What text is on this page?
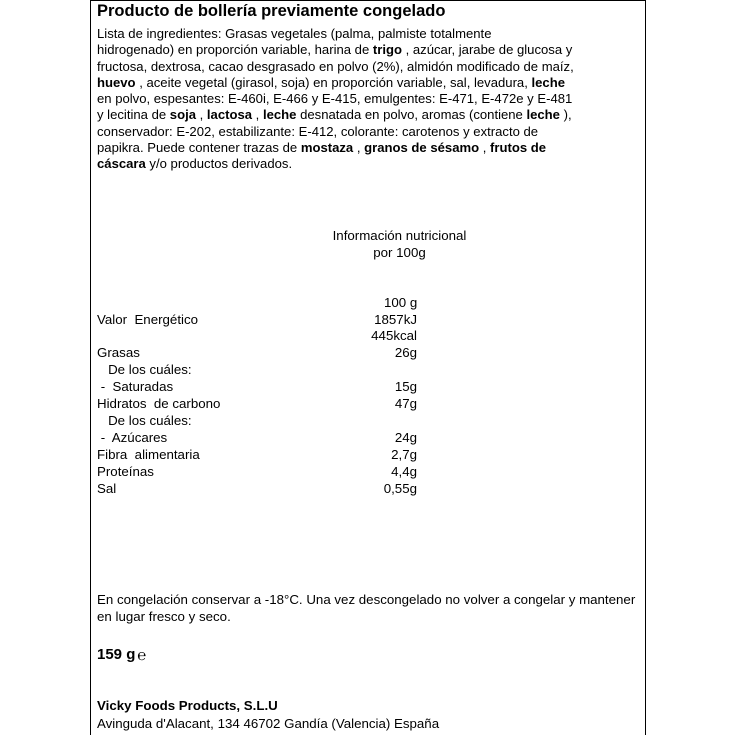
Producto de bollería previamente congelado
Lista de ingredientes: Grasas vegetales (palma, palmiste totalmente
hidrogenado) en proporción variable, harina de trigo , azúcar, jarabe de glucosa y
fructosa, dextrosa, cacao desgrasado en polvo (2%), almidón modificado de maíz,
huevo , aceite vegetal (girasol, soja) en proporción variable, sal, levadura, leche
en polvo, espesantes: E-460i, E-466 y E-415, emulgentes: E-471, E-472e y E-481
y lecitina de soja , lactosa , leche desnatada en polvo, aromas (contiene leche ),
conservador: E-202, estabilizante: E-412, colorante: carotenos y extracto de
papikra. Puede contener trazas de mostaza , granos de sésamo , frutos de
cáscara y/o productos derivados.
Información nutricional
por 100g
100 g
Valor  Energético	1857kJ
445kcal
Grasas	26g
De los cuáles:
-  Saturadas	15g
Hidratos  de carbono	47g
De los cuáles:
-  Azúcares	24g
Fibra  alimentaria	2,7g
Proteínas	4,4g
Sal	0,55g
En congelación conservar a -18°C. Una vez descongelado no volver a congelar y mantener en lugar fresco y seco.
159 g ℮
Vicky Foods Products, S.L.U
Avinguda d'Alacant, 134 46702 Gandía (Valencia) España
